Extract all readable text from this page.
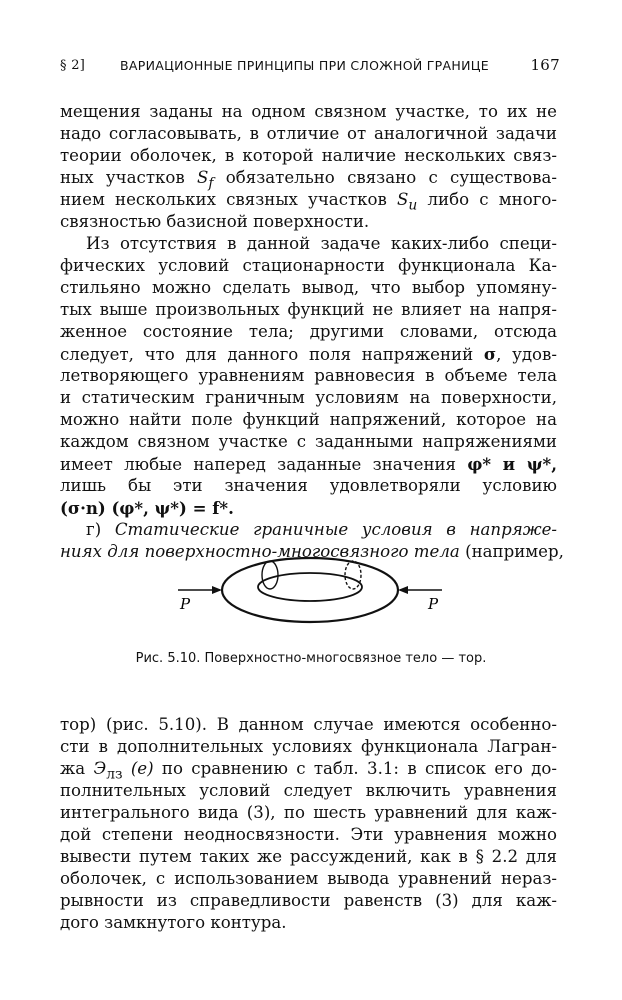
§ 2]	ВАРИАЦИОННЫЕ ПРИНЦИПЫ ПРИ СЛОЖНОЙ ГРАНИЦЕ	167
мещения заданы на одном связном участке, то их не
надо согласовывать, в отличие от аналогичной задачи
теории оболочек, в которой наличие нескольких связ-
ных участков $S_f$ обязательно связано с существова-
нием нескольких связных участков $S_u$ либо с много-
связностью базисной поверхности.
Из отсутствия в данной задаче каких-либо специ-
фических условий стационарности функционала Ка-
стильяно можно сделать вывод, что выбор упомяну-
тых выше произвольных функций не влияет на напря-
женное состояние тела; другими словами, отсюда
следует, что для данного поля напряжений σ, удов-
летворяющего уравнениям равновесия в объеме тела
и статическим граничным условиям на поверхности,
можно найти поле функций напряжений, которое на
каждом связном участке с заданными напряжениями
имеет любые наперед заданные значения φ* и ψ*,
лишь бы эти значения удовлетворяли условию
(σ·n) (φ*, ψ*) = f*.
г) Статические граничные условия в напряже-
P	P
ниях для поверхностно-многосвязного тела (например,
Рис. 5.10. Поверхностно-многосвязное тело — тор.
тор) (рис. 5.10). В данном случае имеются особенно-
сти в дополнительных условиях функционала Лагран-
жа $Э_{лз}$ (e) по сравнению с табл. 3.1: в список его до-
полнительных условий следует включить уравнения
интегрального вида (3), по шесть уравнений для каж-
дой степени неодносвязности. Эти уравнения можно
вывести путем таких же рассуждений, как в § 2.2 для
оболочек, с использованием вывода уравнений нераз-
рывности из справедливости равенств (3) для каж-
дого замкнутого контура.
